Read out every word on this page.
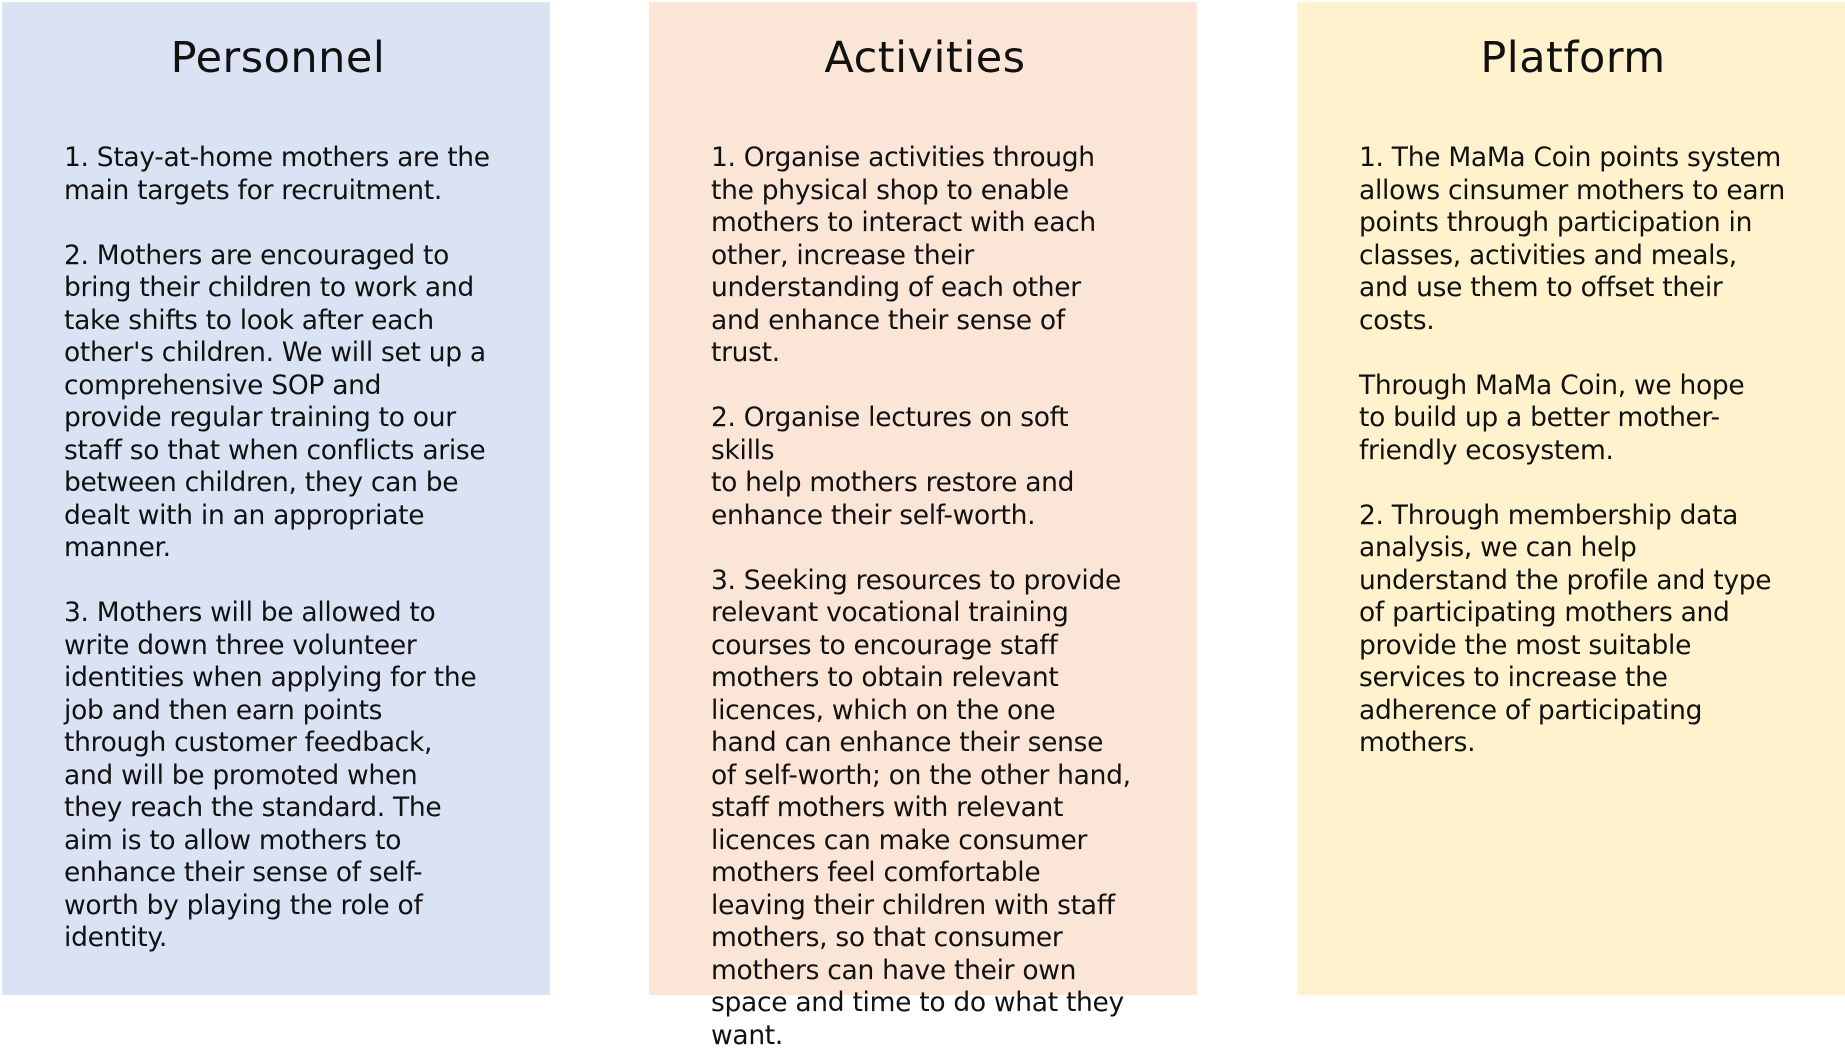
Personnel

1. Stay-at-home mothers are the
main targets for recruitment.

2. Mothers are encouraged to
bring their children to work and
take shifts to look after each
other's children. We will set up a
comprehensive SOP and
provide regular training to our
staff so that when conflicts arise
between children, they can be
dealt with in an appropriate
manner.

3. Mothers will be allowed to
write down three volunteer
identities when applying for the
job and then earn points
through customer feedback,
and will be promoted when
they reach the standard. The
aim is to allow mothers to
enhance their sense of self-
worth by playing the role of
identity.

Activities

1. Organise activities through
the physical shop to enable
mothers to interact with each
other, increase their
understanding of each other
and enhance their sense of trust.

2. Organise lectures on soft skills
to help mothers restore and
enhance their self-worth.

3. Seeking resources to provide
relevant vocational training
courses to encourage staff
mothers to obtain relevant
licences, which on the one
hand can enhance their sense
of self-worth; on the other hand,
staff mothers with relevant
licences can make consumer
mothers feel comfortable
leaving their children with staff
mothers, so that consumer
mothers can have their own
space and time to do what they
want.

Platform

1. The MaMa Coin points system
allows cinsumer mothers to earn
points through participation in
classes, activities and meals,
and use them to offset their
costs.

Through MaMa Coin, we hope
to build up a better mother-
friendly ecosystem.

2. Through membership data
analysis, we can help
understand the profile and type
of participating mothers and
provide the most suitable
services to increase the
adherence of participating
mothers.
